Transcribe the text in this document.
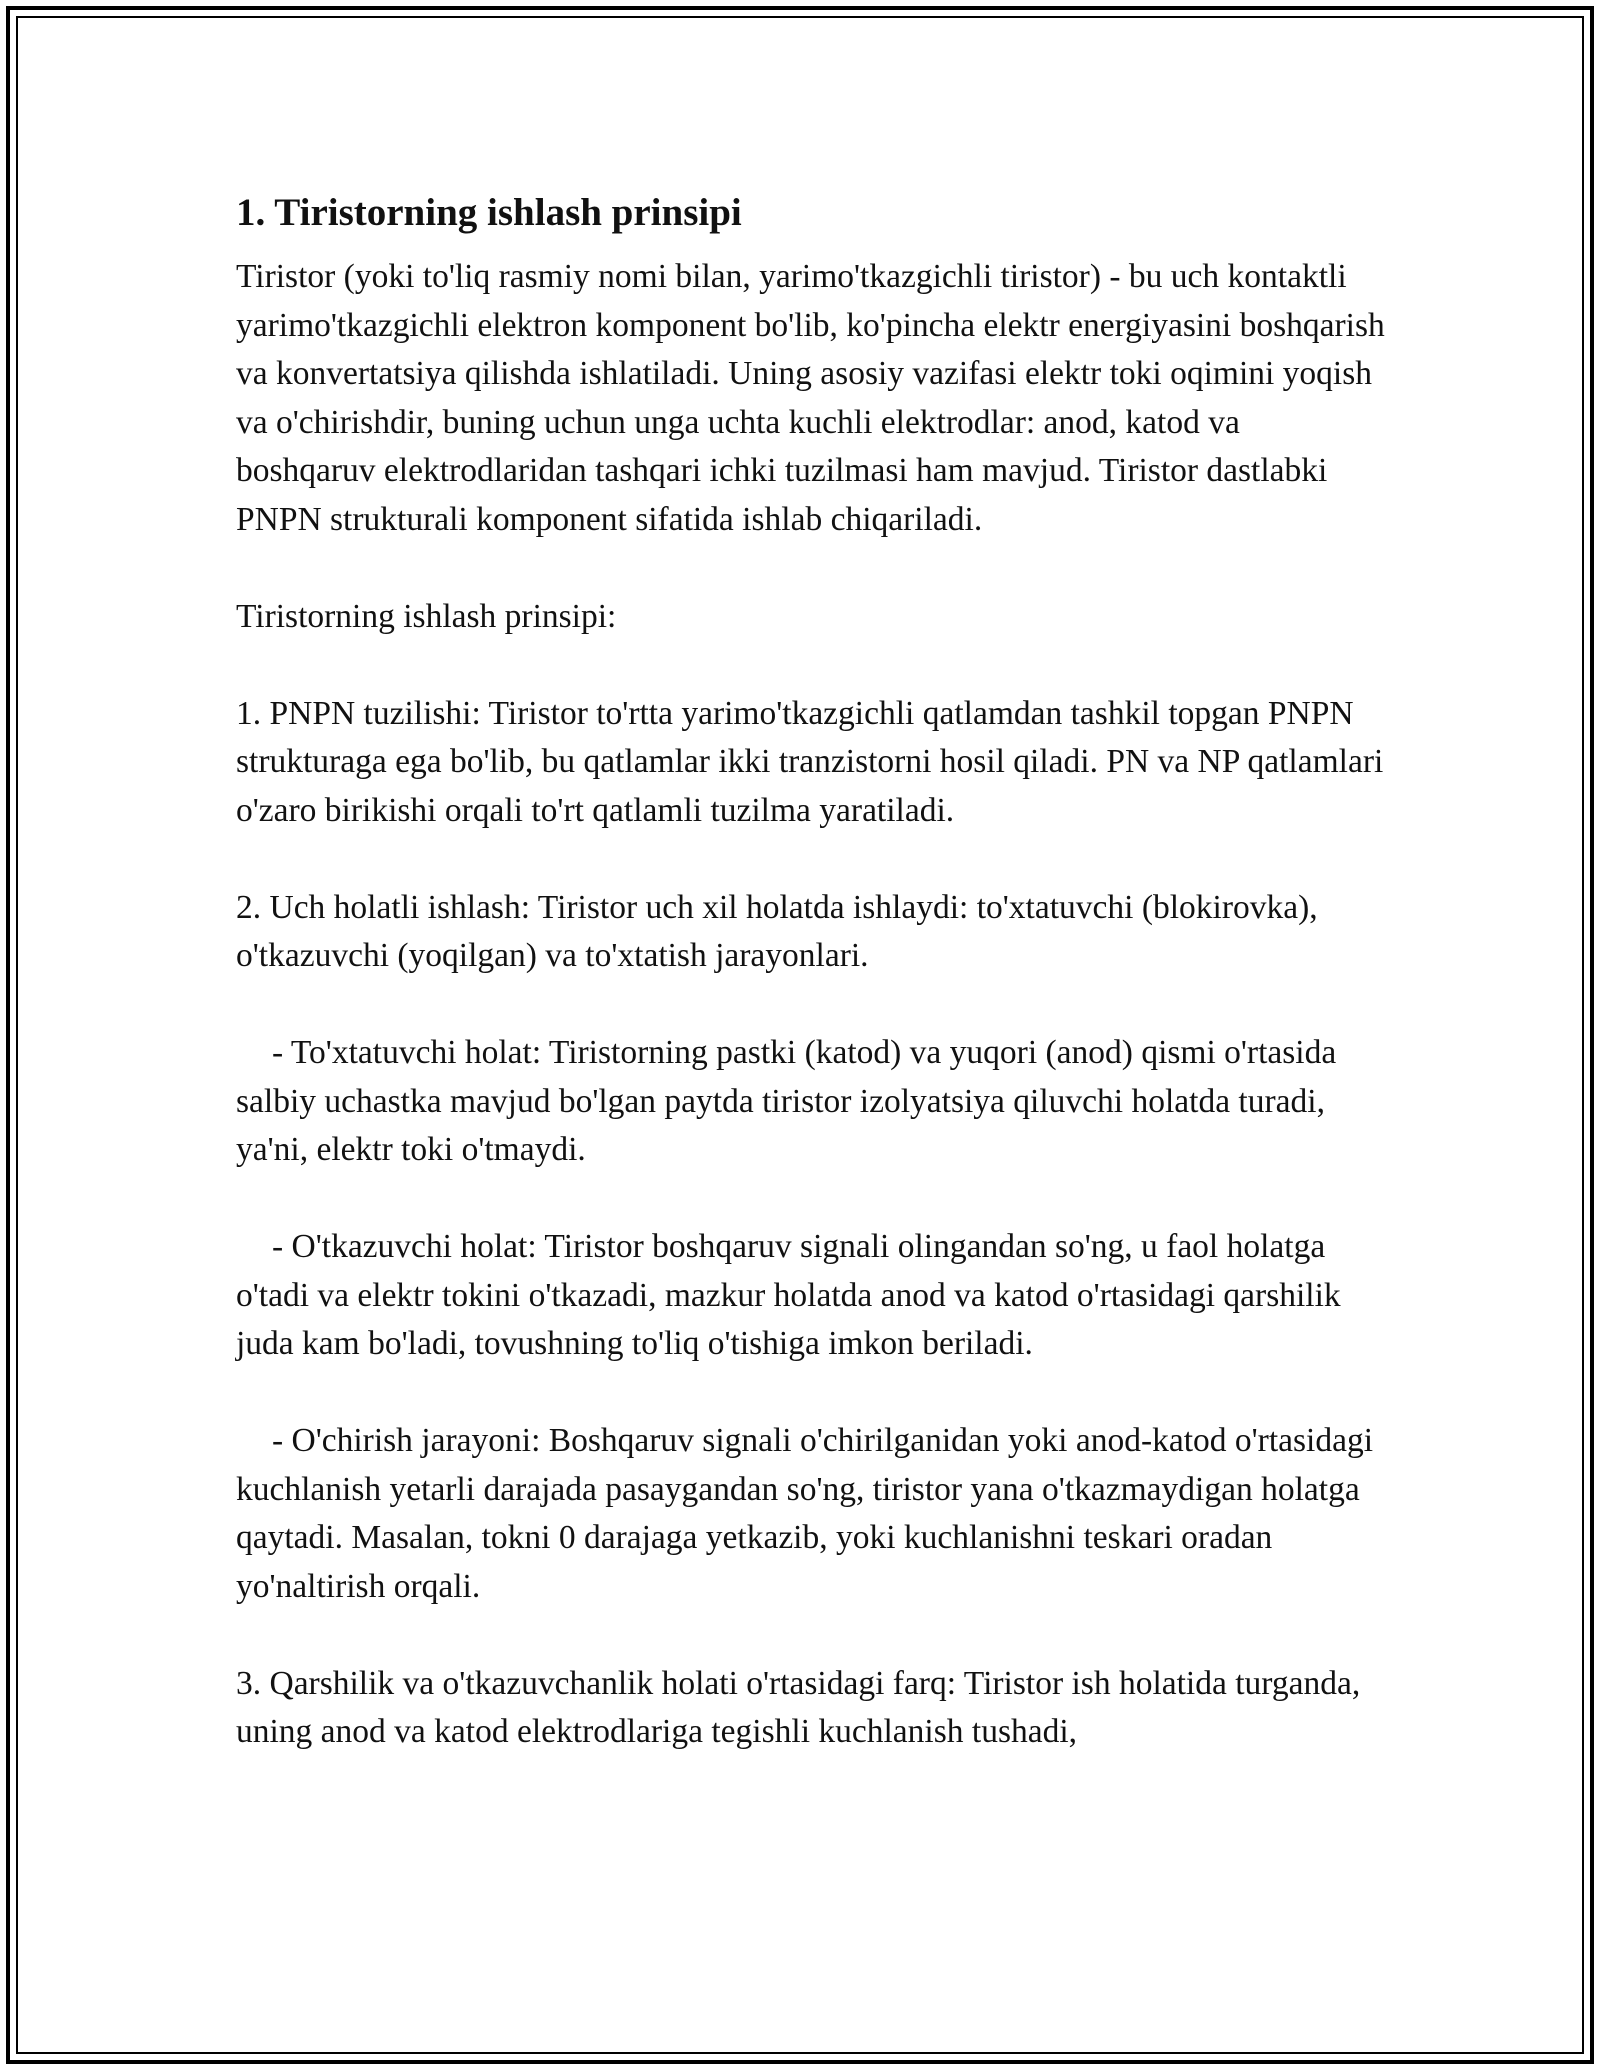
1. Tiristorning ishlash prinsipi

Tiristor (yoki to'liq rasmiy nomi bilan, yarimo'tkazgichli tiristor) - bu uch kontaktli yarimo'tkazgichli elektron komponent bo'lib, ko'pincha elektr energiyasini boshqarish va konvertatsiya qilishda ishlatiladi. Uning asosiy vazifasi elektr toki oqimini yoqish va o'chirishdir, buning uchun unga uchta kuchli elektrodlar: anod, katod va boshqaruv elektrodlaridan tashqari ichki tuzilmasi ham mavjud. Tiristor dastlabki PNPN strukturali komponent sifatida ishlab chiqariladi.

Tiristorning ishlash prinsipi:

1. PNPN tuzilishi: Tiristor to'rtta yarimo'tkazgichli qatlamdan tashkil topgan PNPN strukturaga ega bo'lib, bu qatlamlar ikki tranzistorni hosil qiladi. PN va NP qatlamlari o'zaro birikishi orqali to'rt qatlamli tuzilma yaratiladi.

2. Uch holatli ishlash: Tiristor uch xil holatda ishlaydi: to'xtatuvchi (blokirovka), o'tkazuvchi (yoqilgan) va to'xtatish jarayonlari.

- To'xtatuvchi holat: Tiristorning pastki (katod) va yuqori (anod) qismi o'rtasida salbiy uchastka mavjud bo'lgan paytda tiristor izolyatsiya qiluvchi holatda turadi, ya'ni, elektr toki o'tmaydi.

- O'tkazuvchi holat: Tiristor boshqaruv signali olingandan so'ng, u faol holatga o'tadi va elektr tokini o'tkazadi, mazkur holatda anod va katod o'rtasidagi qarshilik juda kam bo'ladi, tovushning to'liq o'tishiga imkon beriladi.

- O'chirish jarayoni: Boshqaruv signali o'chirilganidan yoki anod-katod o'rtasidagi kuchlanish yetarli darajada pasaygandan so'ng, tiristor yana o'tkazmaydigan holatga qaytadi. Masalan, tokni 0 darajaga yetkazib, yoki kuchlanishni teskari oradan yo'naltirish orqali.

3. Qarshilik va o'tkazuvchanlik holati o'rtasidagi farq: Tiristor ish holatida turganda, uning anod va katod elektrodlariga tegishli kuchlanish tushadi,
